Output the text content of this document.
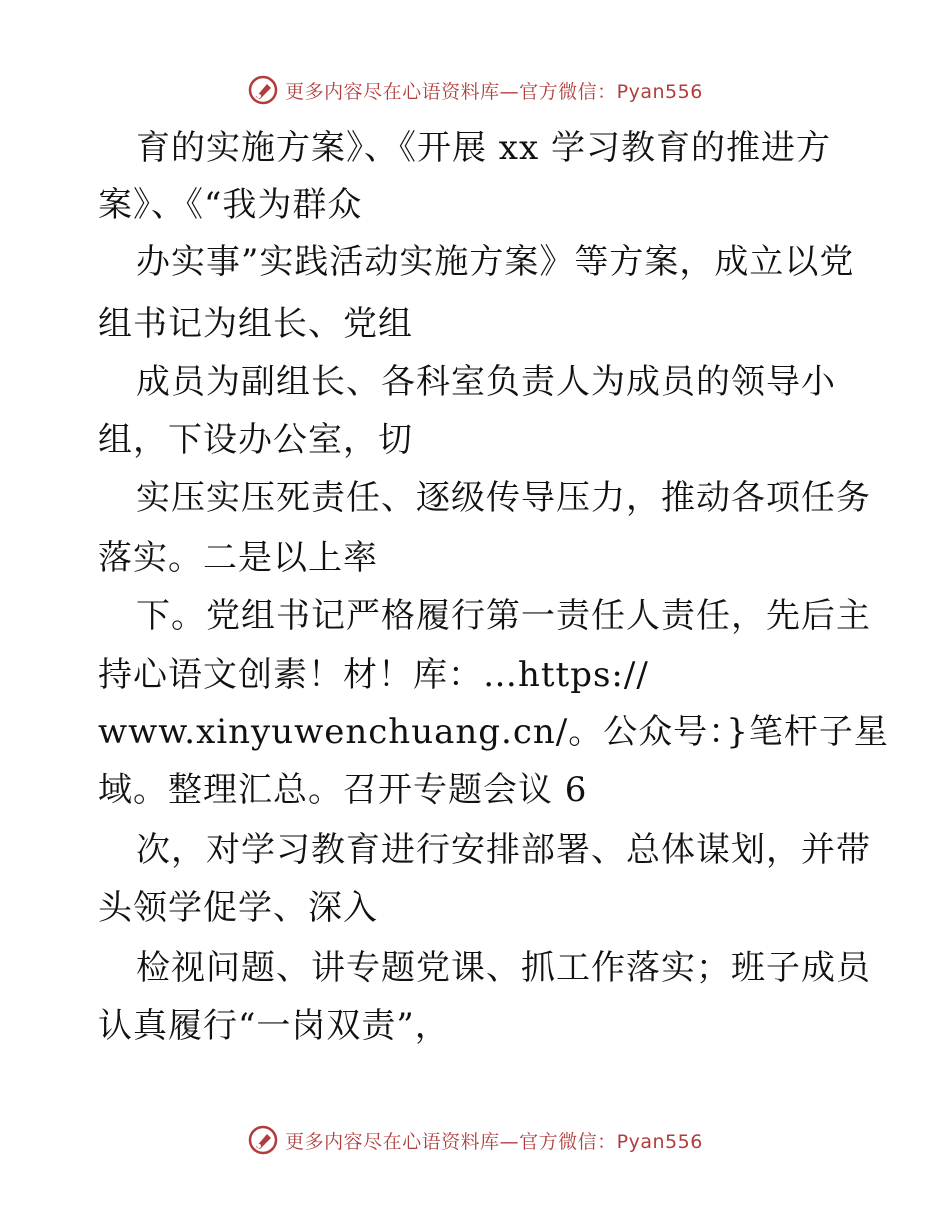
更多内容尽在心语资料库—官方微信：Pyan556
育的实施方案》、《开展 xx 学习教育的推进方
案》、《“我为群众
办实事”实践活动实施方案》等方案，成立以党
组书记为组长、党组
成员为副组长、各科室负责人为成员的领导小
组，下设办公室，切
实压实压死责任、逐级传导压力，推动各项任务
落实。二是以上率
下。党组书记严格履行第一责任人责任，先后主
持心语文创素！材！库：…https://
www.xinyuwenchuang.cn/。公众号：}笔杆子星
域。整理汇总。召开专题会议 6
次，对学习教育进行安排部署、总体谋划，并带
头领学促学、深入
检视问题、讲专题党课、抓工作落实；班子成员
认真履行“一岗双责”，
更多内容尽在心语资料库—官方微信：Pyan556
